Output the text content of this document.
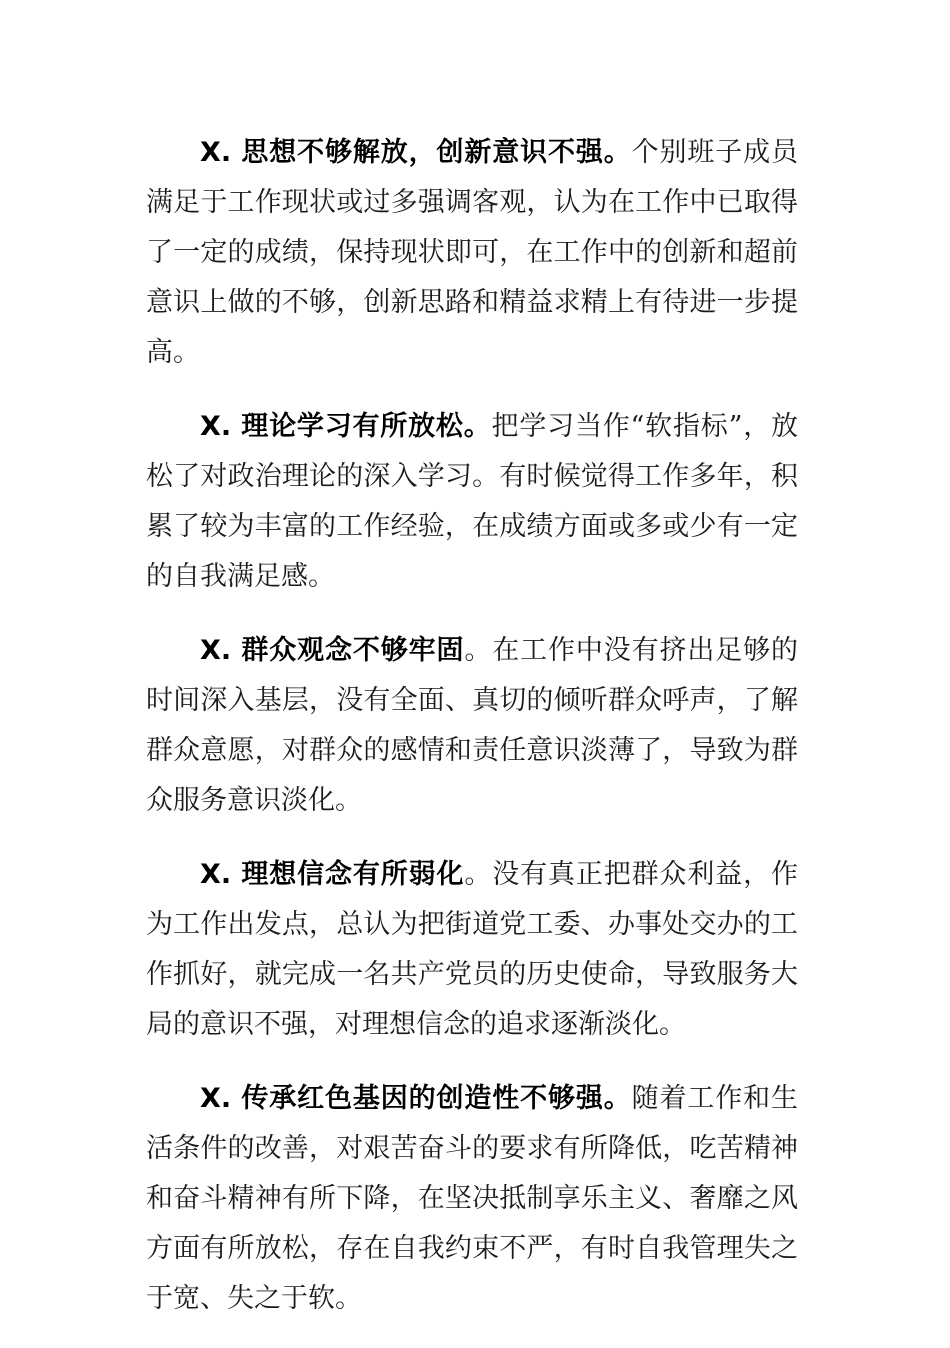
X. 思想不够解放，创新意识不强。个别班子成员满足于工作现状或过多强调客观，认为在工作中已取得了一定的成绩，保持现状即可，在工作中的创新和超前意识上做的不够，创新思路和精益求精上有待进一步提高。

X. 理论学习有所放松。把学习当作“软指标”，放松了对政治理论的深入学习。有时候觉得工作多年，积累了较为丰富的工作经验，在成绩方面或多或少有一定的自我满足感。

X. 群众观念不够牢固。在工作中没有挤出足够的时间深入基层，没有全面、真切的倾听群众呼声，了解群众意愿，对群众的感情和责任意识淡薄了，导致为群众服务意识淡化。

X. 理想信念有所弱化。没有真正把群众利益，作为工作出发点，总认为把街道党工委、办事处交办的工作抓好，就完成一名共产党员的历史使命，导致服务大局的意识不强，对理想信念的追求逐渐淡化。

X. 传承红色基因的创造性不够强。随着工作和生活条件的改善，对艰苦奋斗的要求有所降低，吃苦精神和奋斗精神有所下降，在坚决抵制享乐主义、奢靡之风方面有所放松，存在自我约束不严，有时自我管理失之于宽、失之于软。
